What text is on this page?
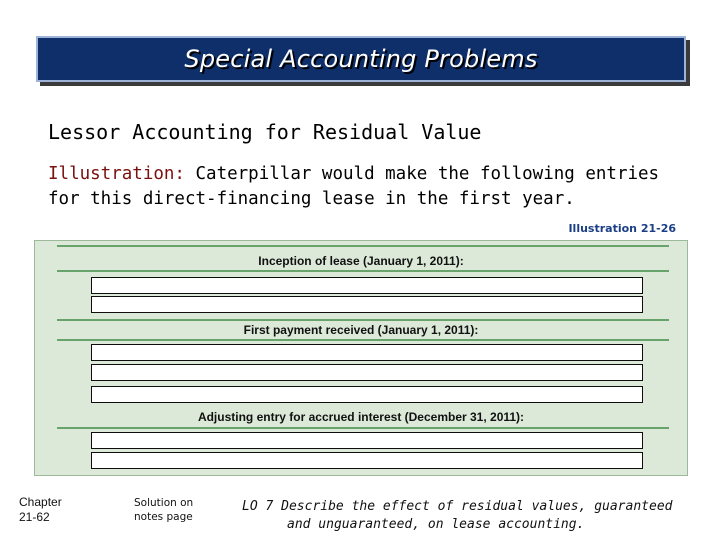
Special Accounting Problems
Lessor Accounting for Residual Value
Illustration: Caterpillar would make the following entries for this direct-financing lease in the first year.
Illustration 21-26
Inception of lease (January 1, 2011):
First payment received (January 1, 2011):
Adjusting entry for accrued interest (December 31, 2011):
Chapter
21-62
Solution on
notes page
LO 7 Describe the effect of residual values, guaranteed
and unguaranteed, on lease accounting.
